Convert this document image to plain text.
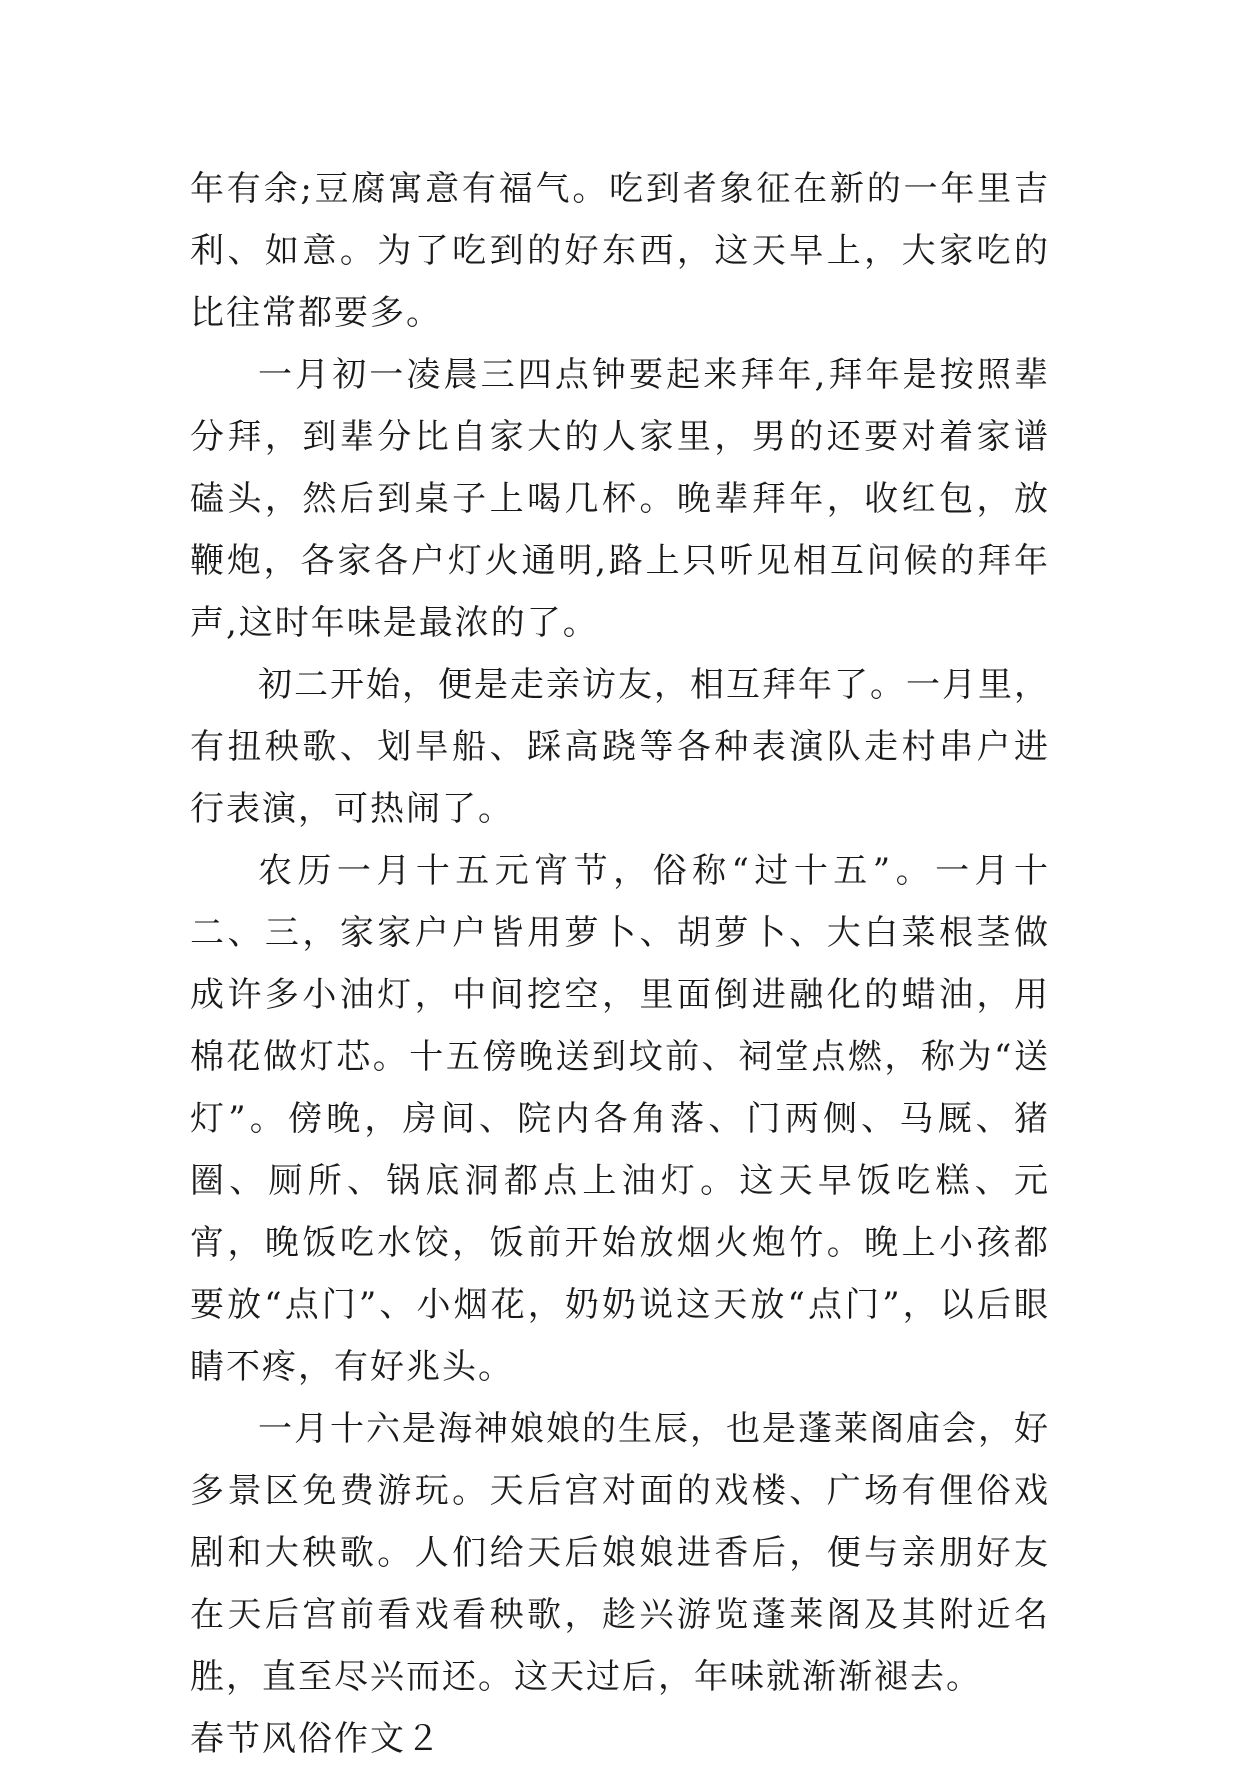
年有余;豆腐寓意有福气。吃到者象征在新的一年里吉利、如意。为了吃到的好东西，这天早上，大家吃的比往常都要多。

一月初一凌晨三四点钟要起来拜年,拜年是按照辈分拜，到辈分比自家大的人家里，男的还要对着家谱磕头，然后到桌子上喝几杯。晚辈拜年，收红包，放鞭炮，各家各户灯火通明,路上只听见相互问候的拜年声,这时年味是最浓的了。

初二开始，便是走亲访友，相互拜年了。一月里，有扭秧歌、划旱船、踩高跷等各种表演队走村串户进行表演，可热闹了。

农历一月十五元宵节，俗称“过十五”。一月十二、三，家家户户皆用萝卜、胡萝卜、大白菜根茎做成许多小油灯，中间挖空，里面倒进融化的蜡油，用棉花做灯芯。十五傍晚送到坟前、祠堂点燃，称为“送灯”。傍晚，房间、院内各角落、门两侧、马厩、猪圈、厕所、锅底洞都点上油灯。这天早饭吃糕、元宵，晚饭吃水饺，饭前开始放烟火炮竹。晚上小孩都要放“点门”、小烟花，奶奶说这天放“点门”，以后眼睛不疼，有好兆头。

一月十六是海神娘娘的生辰，也是蓬莱阁庙会，好多景区免费游玩。天后宫对面的戏楼、广场有俚俗戏剧和大秧歌。人们给天后娘娘进香后，便与亲朋好友在天后宫前看戏看秧歌，趁兴游览蓬莱阁及其附近名胜，直至尽兴而还。这天过后，年味就渐渐褪去。

春节风俗作文２
